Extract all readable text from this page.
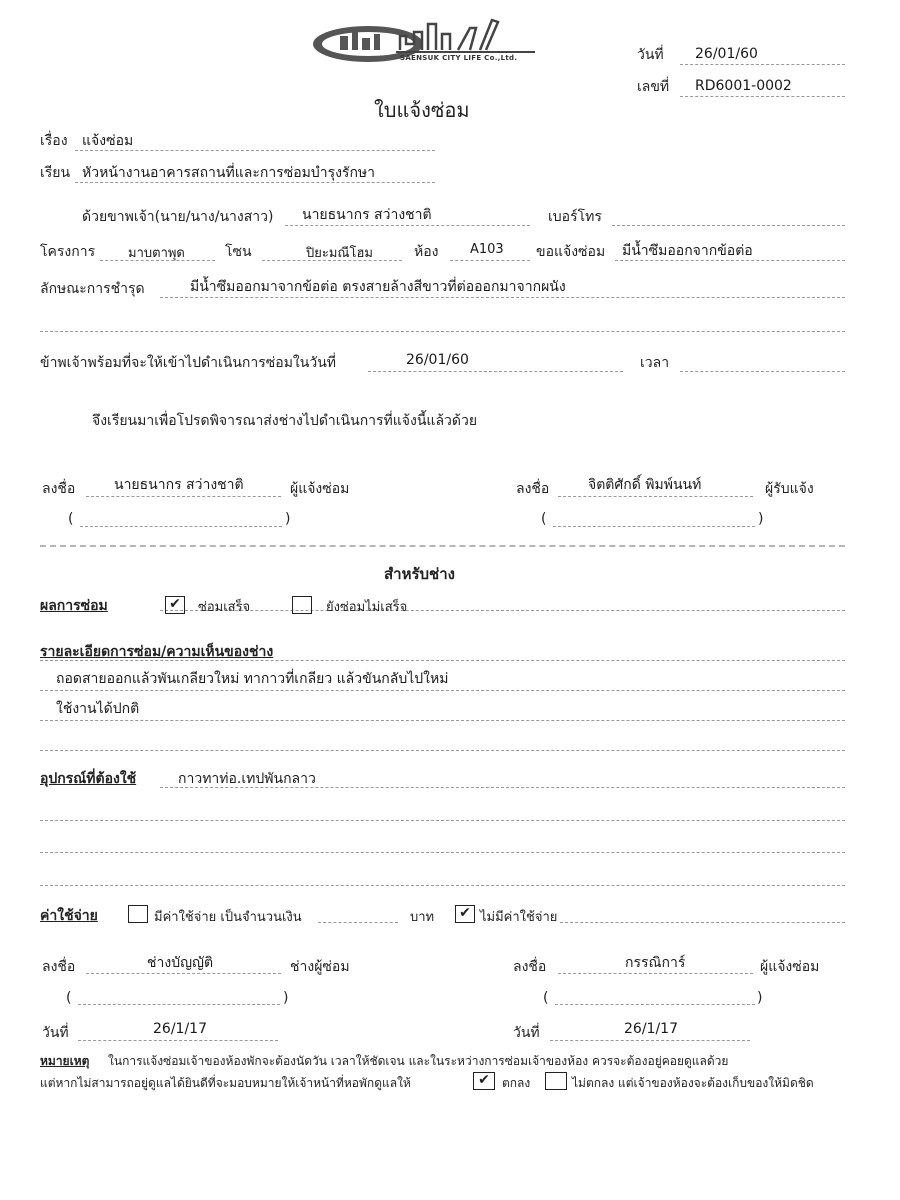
SAENSUK CITY LIFE Co.,Ltd.	วันที่ 26/01/60
เลขที่ RD6001-0002
ใบแจ้งซ่อม
เรื่อง แจ้งซ่อม
เรียน หัวหน้างานอาคารสถานที่และการซ่อมบำรุงรักษา
ด้วยขาพเจ้า(นาย/นาง/นางสาว) นายธนากร สว่างชาติ	เบอร์โทร
โครงการ	มาบตาพุด	โซน	ปิยะมณีโฮม	ห้อง A103 ขอแจ้งซ่อม มีน้ำซึมออกจากข้อต่อ
ลักษณะการชำรุด	มีน้ำซึมออกมาจากข้อต่อ ตรงสายล้างสีขาวที่ต่อออกมาจากผนัง
ข้าพเจ้าพร้อมที่จะให้เข้าไปดำเนินการซ่อมในวันที่	26/01/60	เวลา
จึงเรียนมาเพื่อโปรดพิจารณาส่งช่างไปดำเนินการที่แจ้งนี้แล้วด้วย
ลงชื่อ	นายธนากร สว่างชาติ	ผู้แจ้งซ่อม
(	)
ลงชื่อ	จิตติศักดิ์ พิมพ์นนท์	ผู้รับแจ้ง
(	)
สำหรับช่าง
ผลการซ่อม	✔	ซ่อมเสร็จ	ยังซ่อมไม่เสร็จ
รายละเอียดการซ่อม/ความเห็นของช่าง
ถอดสายออกแล้วพันเกลียวใหม่ ทากาวที่เกลียว แล้วขันกลับไปใหม่
ใช้งานได้ปกติ
อุปกรณ์ที่ต้องใช้	กาวทาท่อ.เทปพันกลาว
ค่าใช้จ่าย	มีค่าใช้จ่าย เป็นจำนวนเงิน	บาท ✔ ไม่มีค่าใช้จ่าย
ลงชื่อ	ช่างบัญญัติ	ช่างผู้ซ่อม
(	)
วันที่	26/1/17
ลงชื่อ	กรรณิการ์	ผู้แจ้งซ่อม
(	)
วันที่	26/1/17
หมายเหตุ ในการแจ้งซ่อมเจ้าของห้องพักจะต้องนัดวัน เวลาให้ชัดเจน และในระหว่างการซ่อมเจ้าของห้อง ควรจะต้องอยู่คอยดูแลด้วย
แต่หากไม่สามารถอยู่ดูแลได้ยินดีที่จะมอบหมายให้เจ้าหน้าที่หอพักดูแลให้	✔	ตกลง	ไม่ตกลง แต่เจ้าของห้องจะต้องเก็บของให้มิดชิด
